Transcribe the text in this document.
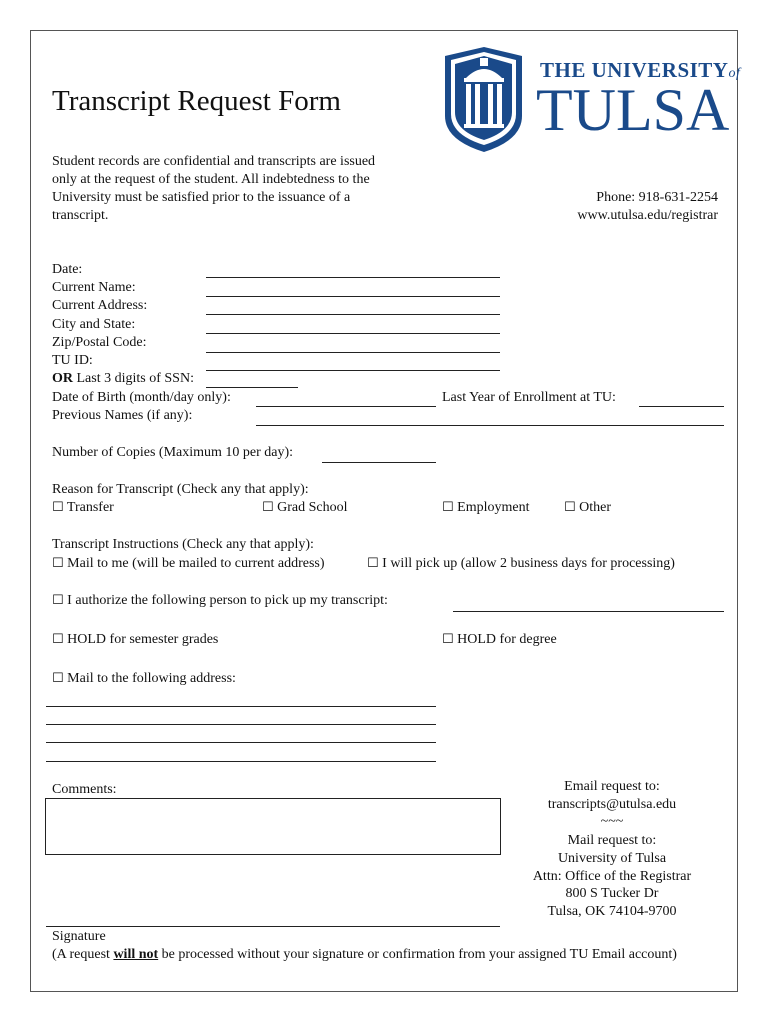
Transcript Request Form
Student records are confidential and transcripts are issued
only at the request of the student. All indebtedness to the
University must be satisfied prior to the issuance of a
transcript.
THE UNIVERSITYof
TULSA
Phone: 918-631-2254
www.utulsa.edu/registrar
Date:
Current Name:
Current Address:
City and State:
Zip/Postal Code:
TU ID:
OR Last 3 digits of SSN:
Date of Birth (month/day only):	Last Year of Enrollment at TU:
Previous Names (if any):
Number of Copies (Maximum 10 per day):
Reason for Transcript (Check any that apply):
☐ Transfer	☐ Grad School	☐ Employment	☐ Other
Transcript Instructions (Check any that apply):
☐ Mail to me (will be mailed to current address)	☐ I will pick up (allow 2 business days for processing)
☐ I authorize the following person to pick up my transcript:
☐ HOLD for semester grades	☐ HOLD for degree
☐ Mail to the following address:
Comments:	Email request to:
transcripts@utulsa.edu
~~~
Mail request to:
University of Tulsa
Attn: Office of the Registrar
800 S Tucker Dr
Tulsa, OK 74104-9700
Signature
(A request will not be processed without your signature or confirmation from your assigned TU Email account)
